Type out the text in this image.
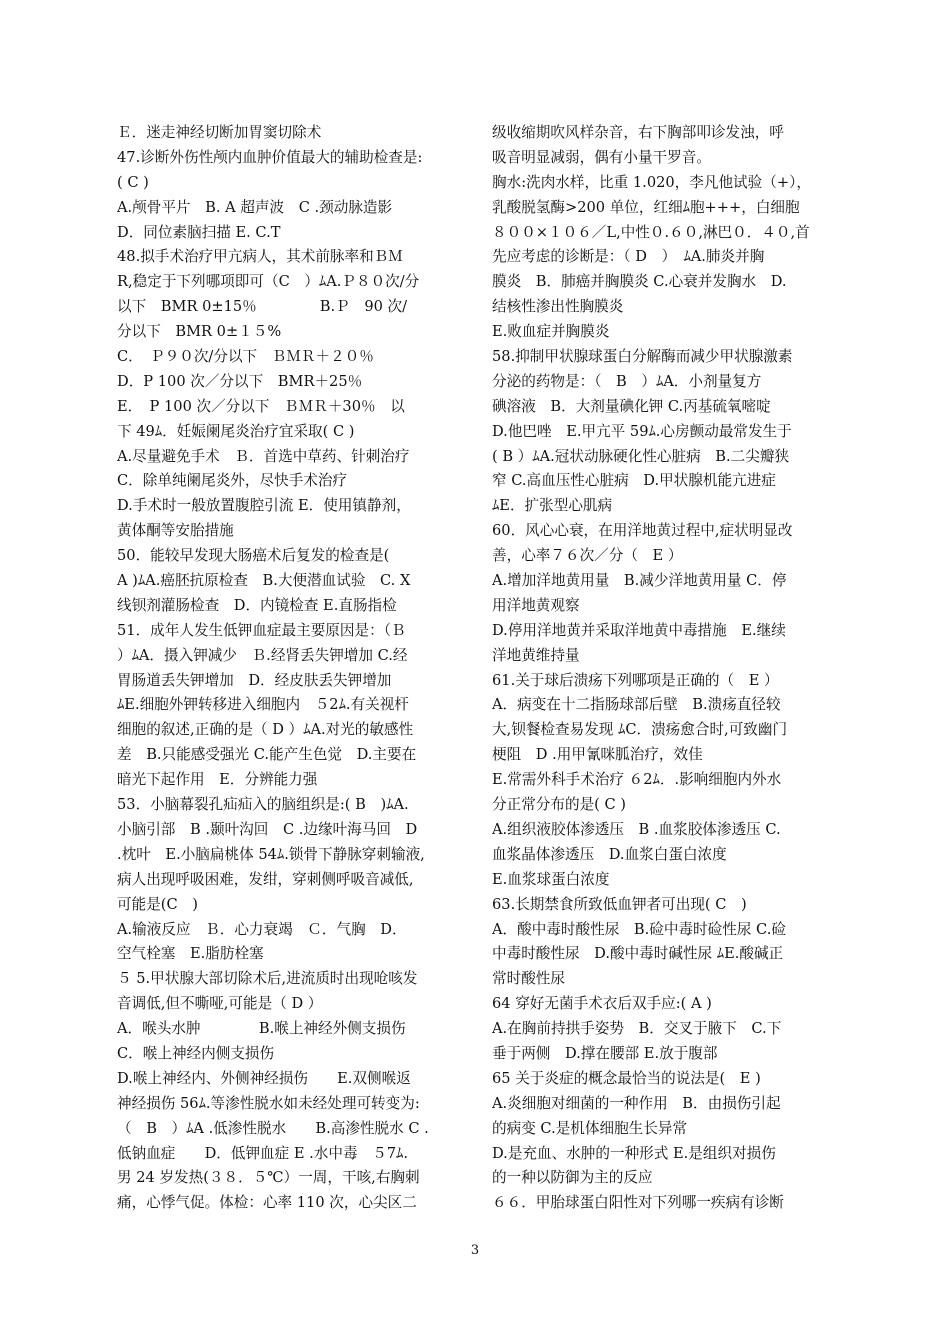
Ｅ．迷走神经切断加胃窦切除术
47.诊断外伤性颅内血肿价值最大的辅助检查是:
( C )
A.颅骨平片　B. A 超声波　C .颈动脉造影
D．同位素脑扫描 E. C.T
48.拟手术治疗甲亢病人，其术前脉率和ＢＭ
R,稳定于下列哪项即可（C　）ﾑA.Ｐ８０次/分
以下　BMR 0±15％　　　　 B.Ｐ　90 次/
分以下　BMR 0±１５%
C．　Ｐ９０次/分以下　ＢＭＲ＋２０％
D．P 100 次／分以下　BMR＋25％
E．　P 100 次／分以下　ＢＭＲ＋30％　以
下 49ﾑ．妊娠阑尾炎治疗宜采取( C )
A.尽量避免手术　Ｂ．首选中草药、针刺治疗
C．除单纯阑尾炎外，尽快手术治疗
D.手术时一般放置腹腔引流 E．使用镇静剂，
黄体酮等安胎措施
50．能较早发现大肠癌术后复发的检查是(
A )ﾑA.癌胚抗原检查　B.大便潜血试验　C. X
线钡剂灌肠检查　D．内镜检查 E.直肠指检
51．成年人发生低钾血症最主要原因是：（Ｂ
）ﾑA．摄入钾减少　Ｂ.经肾丢失钾增加 C.经
胃肠道丢失钾增加　D．经皮肤丢失钾增加
ﾑE.细胞外钾转移进入细胞内　５2ﾑ.有关视杆
细胞的叙述,正确的是（ D ）ﾑA.对光的敏感性
差　B.只能感受强光 C.能产生色觉　D.主要在
暗光下起作用　E．分辨能力强
53．小脑幕裂孔疝疝入的脑组织是:( B　)ﾑA.
小脑引部　B .颞叶沟回　C .边缘叶海马回　D
.枕叶　E.小脑扁桃体 54ﾑ.锁骨下静脉穿刺输液,
病人出现呼吸困难，发绀，穿刺侧呼吸音减低,
可能是(C　)
A.输液反应　Ｂ．心力衰竭　Ｃ．气胸　D．
空气栓塞　E.脂肪栓塞
５ 5.甲状腺大部切除术后,进流质时出现呛咳发
音调低,但不嘶哑,可能是（ D ）
A．喉头水肿　　　　B.喉上神经外侧支损伤
C．喉上神经内侧支损伤
D.喉上神经内、外侧神经损伤　　E.双侧喉返
神经损伤 56ﾑ.等渗性脱水如未经处理可转变为:
（　B　）ﾑA .低渗性脱水　　B.高渗性脱水 C .
低钠血症　　D．低钾血症 E .水中毒　５7ﾑ.
男 24 岁发热(３８．５℃）一周，干咳,右胸刺
痛，心悸气促。体检：心率 110 次，心尖区二
级收缩期吹风样杂音，右下胸部叩诊发浊，呼
吸音明显减弱，偶有小量干罗音。
胸水:洗肉水样，比重 1.020，李凡他试验（+），
乳酸脱氢酶>200 单位，红细ﾑ胞+++，白细胞
８００×１０６／L,中性０.６０,淋巴０．４０,首
先应考虑的诊断是：（ D　）　ﾑA.肺炎并胸
膜炎　B．肺癌并胸膜炎 C.心衰并发胸水　D.
结核性渗出性胸膜炎
E.败血症并胸膜炎
58.抑制甲状腺球蛋白分解酶而减少甲状腺激素
分泌的药物是：（　B　）ﾑA．小剂量复方
碘溶液　B．大剂量碘化钾 C.丙基硫氧嘧啶
D.他巴唑　E.甲亢平 59ﾑ.心房颤动最常发生于
( B ）ﾑA.冠状动脉硬化性心脏病　B.二尖瓣狭
窄 C.高血压性心脏病　D.甲状腺机能亢进症
ﾑE．扩张型心肌病
60．风心心衰，在用洋地黄过程中,症状明显改
善，心率７６次／分（　E ）
A.增加洋地黄用量　B.减少洋地黄用量 C．停
用洋地黄观察
D.停用洋地黄并采取洋地黄中毒措施　E.继续
洋地黄维持量
61.关于球后溃疡下列哪项是正确的（　E ）
A．病变在十二指肠球部后壁　B.溃疡直径较
大,钡餐检查易发现 ﾑC．溃疡愈合时,可致幽门
梗阻　D .用甲氰咪胍治疗，效佳
E.常需外科手术治疗 ６2ﾑ．.影响细胞内外水
分正常分布的是( C )
A.组织液胶体渗透压　B .血浆胶体渗透压 C.
血浆晶体渗透压　D.血浆白蛋白浓度
E.血浆球蛋白浓度
63.长期禁食所致低血钾者可出现( C　)
A．酸中毒时酸性尿　B.硷中毒时硷性尿 C.硷
中毒时酸性尿　D.酸中毒时碱性尿 ﾑE.酸碱正
常时酸性尿
64 穿好无菌手术衣后双手应:( A )
A.在胸前持拱手姿势　B．交叉于腋下　C.下
垂于两侧　D.撑在腰部 E.放于腹部
65 关于炎症的概念最恰当的说法是(　E )
A.炎细胞对细菌的一种作用　B．由损伤引起
的病变 C.是机体细胞生长异常
D.是充血、水肿的一种形式 E.是组织对损伤
的一种以防御为主的反应
６６．甲胎球蛋白阳性对下列哪一疾病有诊断
3
